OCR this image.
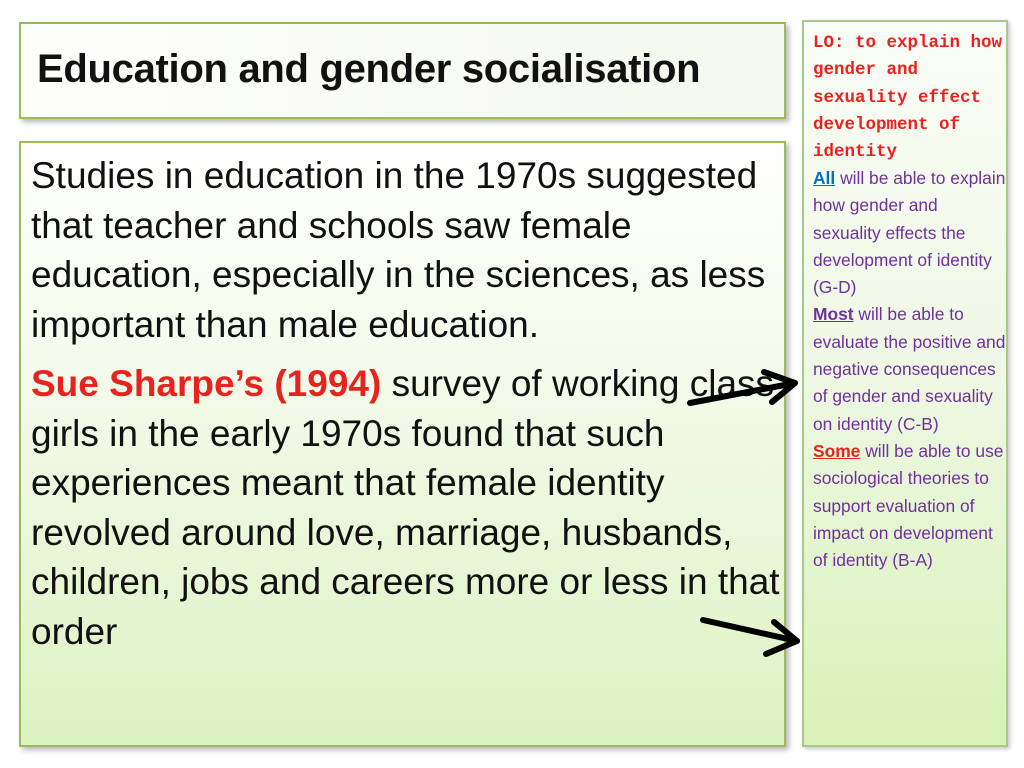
Education and gender socialisation

Studies in education in the 1970s suggested that teacher and schools saw female education, especially in the sciences, as less important than male education.

Sue Sharpe’s (1994) survey of working class girls in the early 1970s found that such experiences meant that female identity revolved around love, marriage, husbands, children, jobs and careers more or less in that order

LO: to explain how gender and sexuality effect development of identity

All will be able to explain how gender and sexuality effects the development of identity (G-D)

Most will be able to evaluate the positive and negative consequences of gender and sexuality on identity (C-B)

Some will be able to use sociological theories to support evaluation of impact on development of identity (B-A)
